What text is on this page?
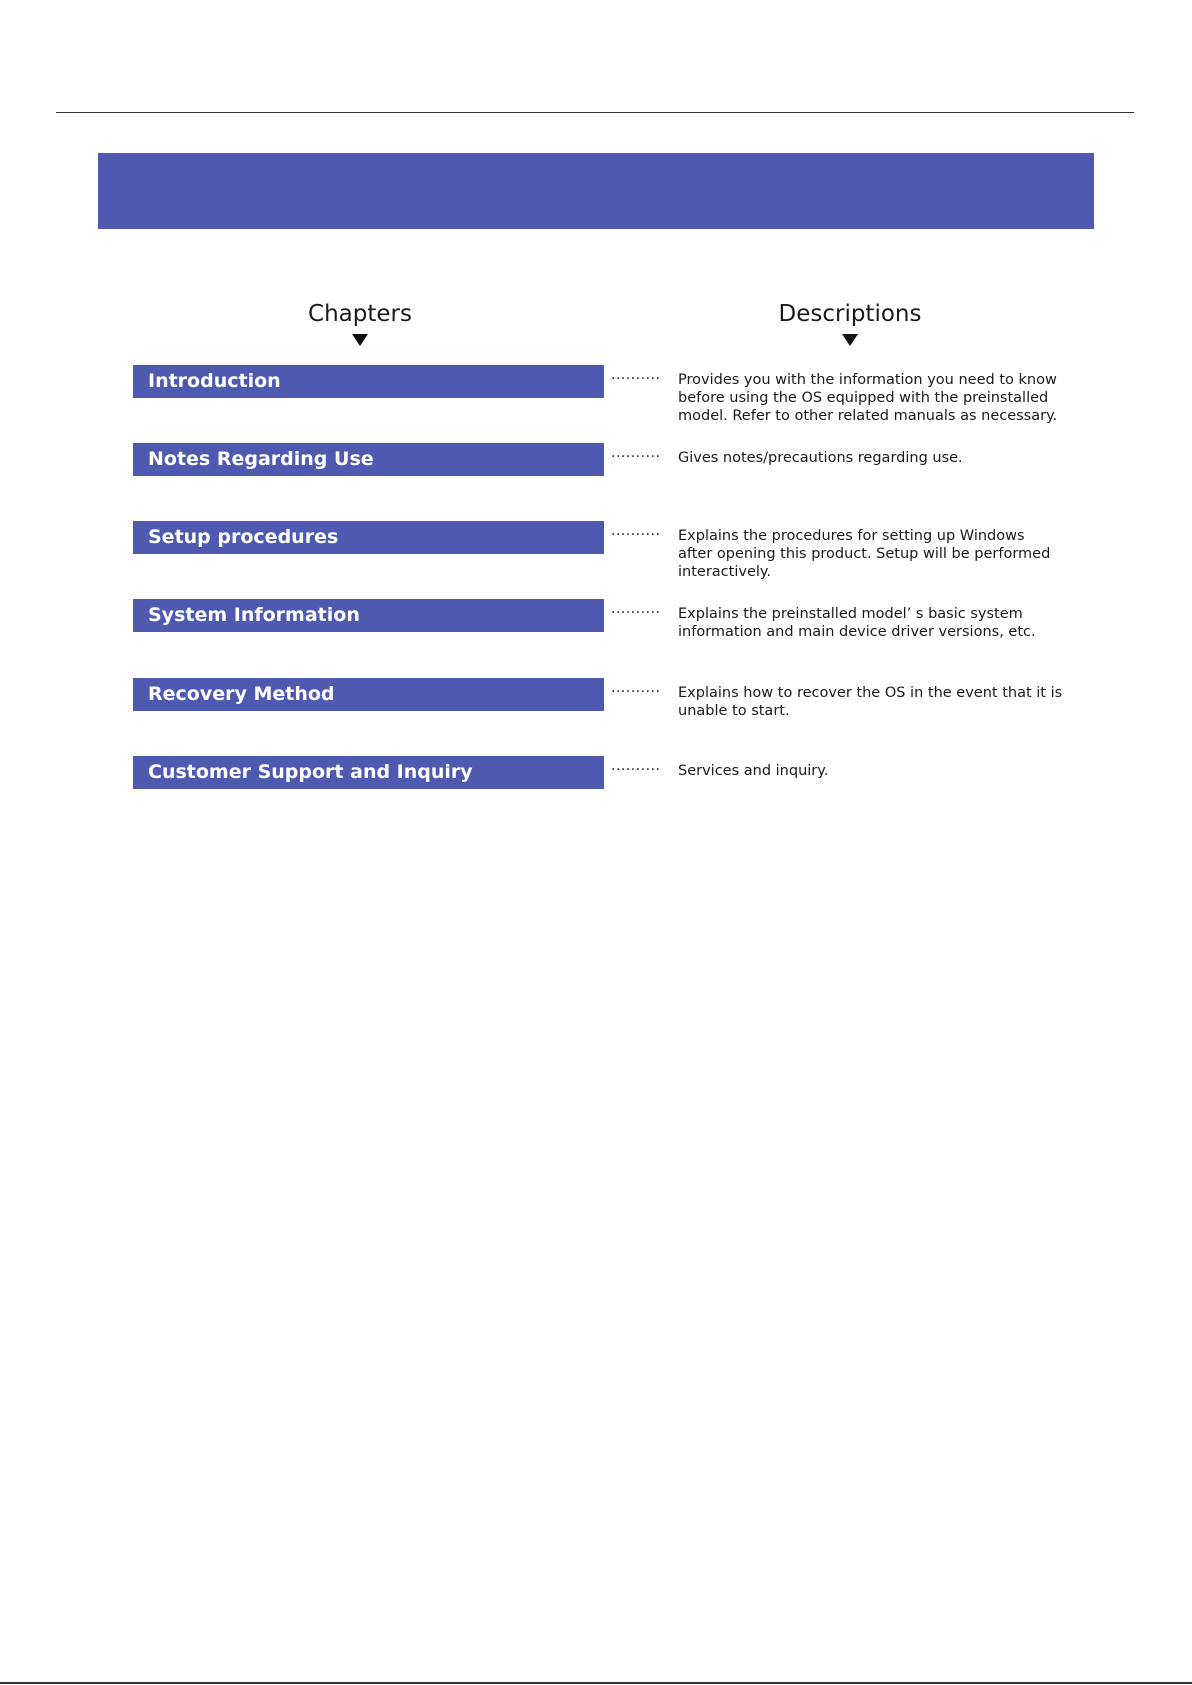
Chapters	Descriptions
Introduction	·········· Provides you with the information you need to know before using the OS equipped with the preinstalled model. Refer to other related manuals as necessary.
Notes Regarding Use	·········· Gives notes/precautions regarding use.
Setup procedures	·········· Explains the procedures for setting up Windows after opening this product. Setup will be performed interactively.
System Information	·········· Explains the preinstalled model’ s basic system information and main device driver versions, etc.
Recovery Method	·········· Explains how to recover the OS in the event that it is unable to start.
Customer Support and Inquiry	·········· Services and inquiry.
